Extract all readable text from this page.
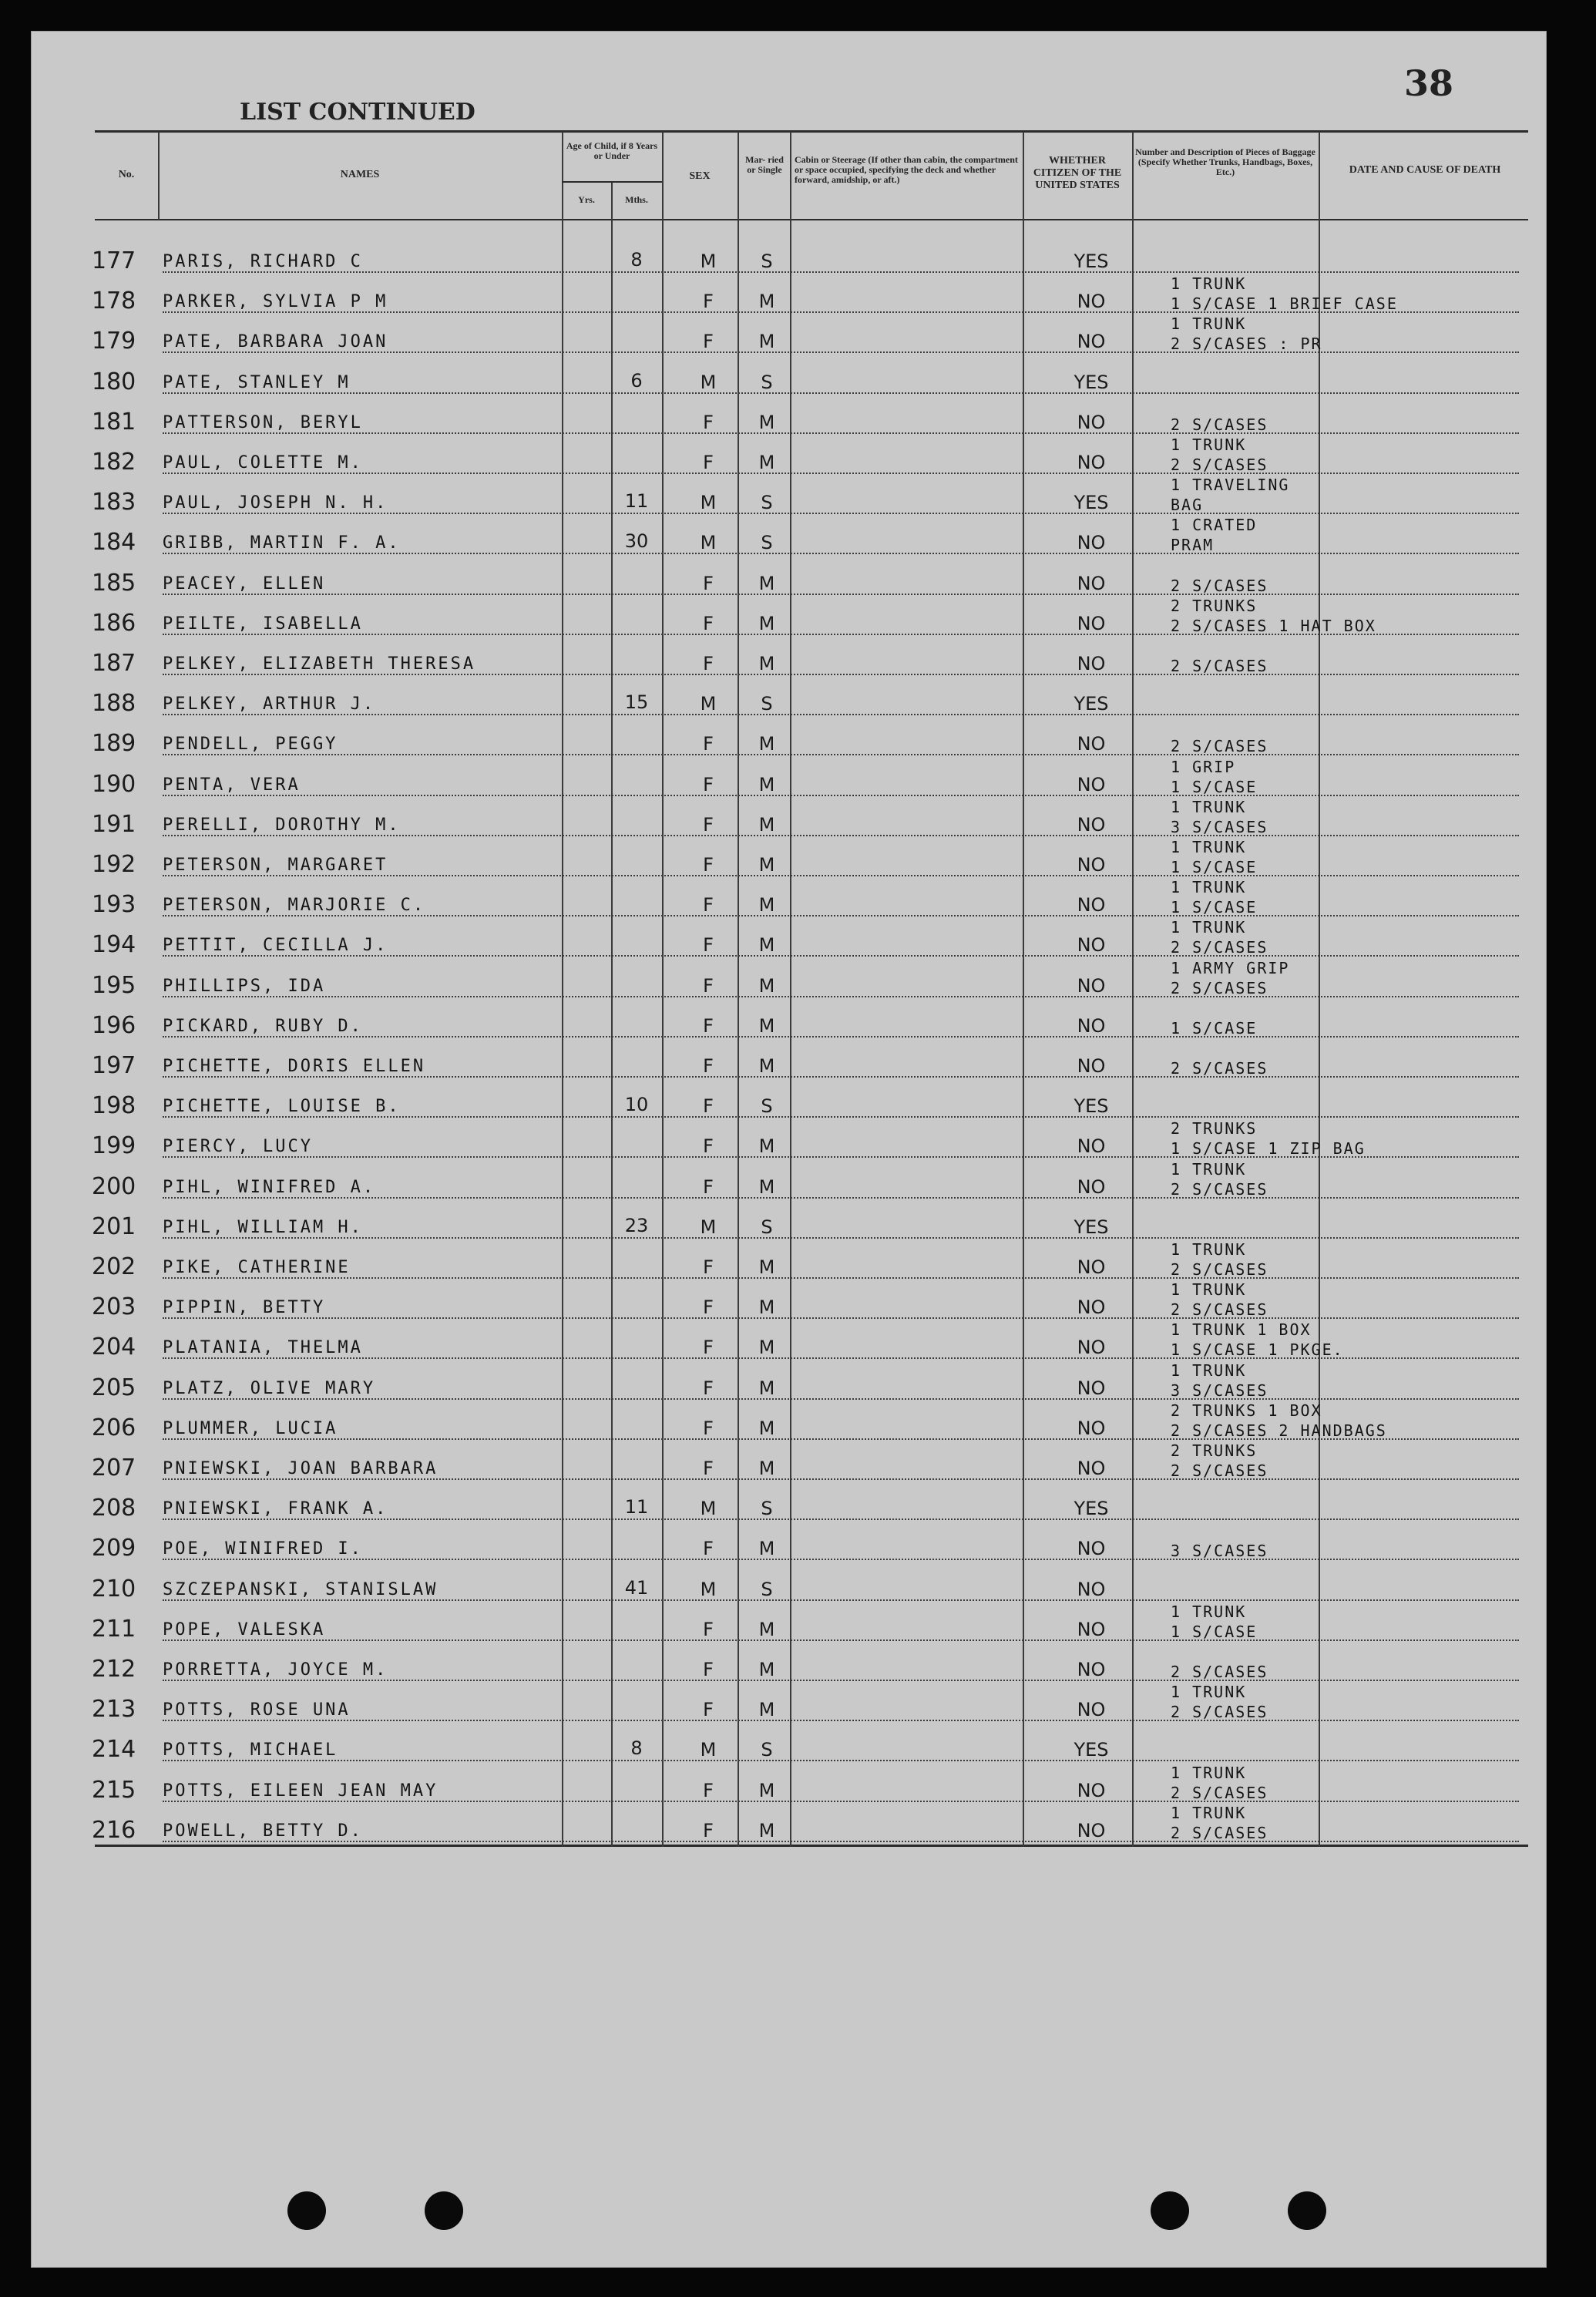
38
LIST CONTINUED
No.	NAMES
Age of Child, if 8 Years or Under
Yrs.	Mths.
SEX
Mar- ried or Single
Cabin or Steerage (If other than cabin, the compartment or space occupied, specifying the deck and whether forward, amidship, or aft.)
WHETHER CITIZEN OF THE UNITED STATES
Number and Description of Pieces of Baggage (Specify Whether Trunks, Handbags, Boxes, Etc.)	DATE AND CAUSE OF DEATH
177	PARIS, RICHARD C	8	M	S	YES
178	PARKER, SYLVIA P M	F	M	NO
1 TRUNK
1 S/CASE 1 BRIEF CASE
179	PATE, BARBARA JOAN	F	M	NO
1 TRUNK
2 S/CASES : PR
180	PATE, STANLEY M	6	M	S	YES
181	PATTERSON, BERYL	F	M	NO	2 S/CASES
182	PAUL, COLETTE M.	F	M	NO
1 TRUNK
2 S/CASES
183	PAUL, JOSEPH N. H.	11	M	S	YES
1 TRAVELING
BAG
184	GRIBB, MARTIN F. A.	30	M	S	NO
1 CRATED
PRAM
185	PEACEY, ELLEN	F	M	NO	2 S/CASES
186	PEILTE, ISABELLA	F	M	NO
2 TRUNKS
2 S/CASES 1 HAT BOX
187	PELKEY, ELIZABETH THERESA	F	M	NO	2 S/CASES
188	PELKEY, ARTHUR J.	15	M	S	YES
189	PENDELL, PEGGY	F	M	NO	2 S/CASES
190	PENTA, VERA	F	M	NO
1 GRIP
1 S/CASE
191	PERELLI, DOROTHY M.	F	M	NO
1 TRUNK
3 S/CASES
192	PETERSON, MARGARET	F	M	NO
1 TRUNK
1 S/CASE
193	PETERSON, MARJORIE C.	F	M	NO
1 TRUNK
1 S/CASE
194	PETTIT, CECILLA J.	F	M	NO
1 TRUNK
2 S/CASES
195	PHILLIPS, IDA	F	M	NO
1 ARMY GRIP
2 S/CASES
196	PICKARD, RUBY D.	F	M	NO	1 S/CASE
197	PICHETTE, DORIS ELLEN	F	M	NO	2 S/CASES
198	PICHETTE, LOUISE B.	10	F	S	YES
199	PIERCY, LUCY	F	M	NO
2 TRUNKS
1 S/CASE 1 ZIP BAG
200	PIHL, WINIFRED A.	F	M	NO
1 TRUNK
2 S/CASES
201	PIHL, WILLIAM H.	23	M	S	YES
202	PIKE, CATHERINE	F	M	NO
1 TRUNK
2 S/CASES
203	PIPPIN, BETTY	F	M	NO
1 TRUNK
2 S/CASES
204	PLATANIA, THELMA	F	M	NO
1 TRUNK 1 BOX
1 S/CASE 1 PKGE.
205	PLATZ, OLIVE MARY	F	M	NO
1 TRUNK
3 S/CASES
206	PLUMMER, LUCIA	F	M	NO
2 TRUNKS 1 BOX
2 S/CASES 2 HANDBAGS
207	PNIEWSKI, JOAN BARBARA	F	M	NO
2 TRUNKS
2 S/CASES
208	PNIEWSKI, FRANK A.	11	M	S	YES
209	POE, WINIFRED I.	F	M	NO	3 S/CASES
210	SZCZEPANSKI, STANISLAW	41	M	S	NO
211	POPE, VALESKA	F	M	NO
1 TRUNK
1 S/CASE
212	PORRETTA, JOYCE M.	F	M	NO	2 S/CASES
213	POTTS, ROSE UNA	F	M	NO
1 TRUNK
2 S/CASES
214	POTTS, MICHAEL	8	M	S	YES
215	POTTS, EILEEN JEAN MAY	F	M	NO
1 TRUNK
2 S/CASES
216	POWELL, BETTY D.	F	M	NO
1 TRUNK
2 S/CASES
